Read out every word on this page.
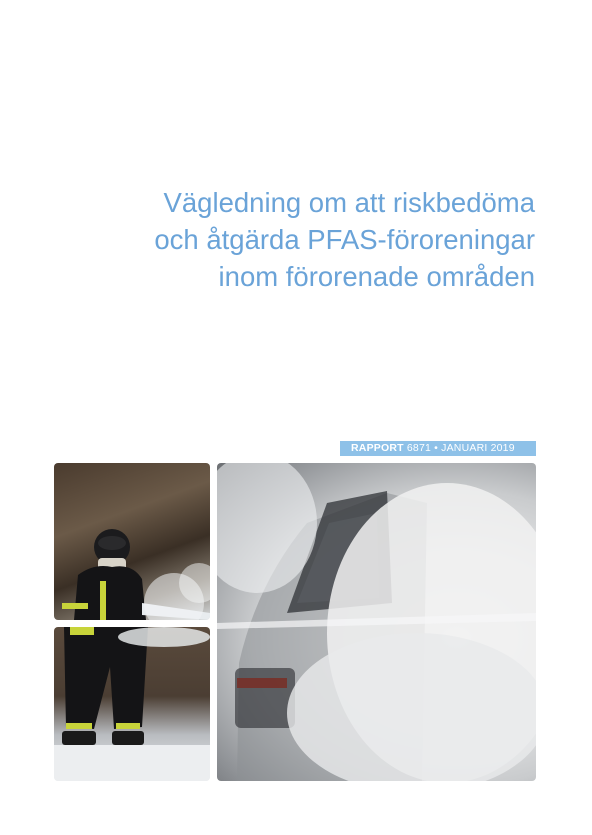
Vägledning om att riskbedöma
och åtgärda PFAS-föroreningar
inom förorenade områden
RAPPORT 6871 • JANUARI 2019
